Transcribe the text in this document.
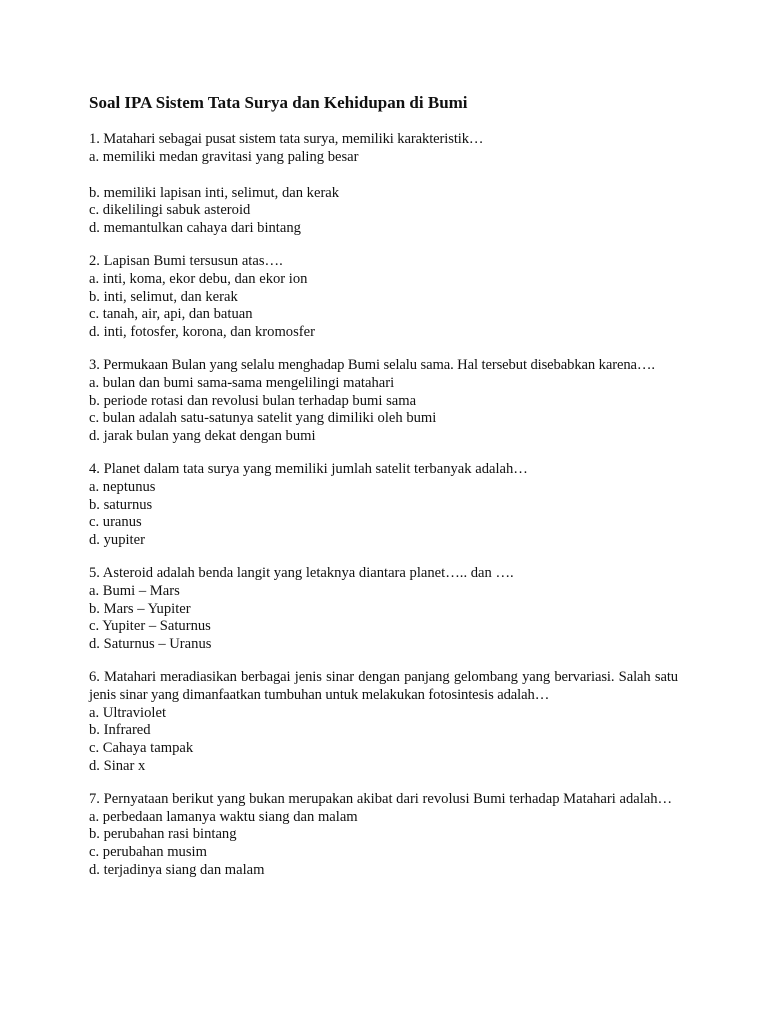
Soal IPA Sistem Tata Surya dan Kehidupan di Bumi

1. Matahari sebagai pusat sistem tata surya, memiliki karakteristik…

a. memiliki medan gravitasi yang paling besar

b. memiliki lapisan inti, selimut, dan kerak

c. dikelilingi sabuk asteroid

d. memantulkan cahaya dari bintang

2. Lapisan Bumi tersusun atas….

a. inti, koma, ekor debu, dan ekor ion

b. inti, selimut, dan kerak

c. tanah, air, api, dan batuan

d. inti, fotosfer, korona, dan kromosfer

3. Permukaan Bulan yang selalu menghadap Bumi selalu sama. Hal tersebut disebabkan karena….

a. bulan dan bumi sama-sama mengelilingi matahari

b. periode rotasi dan revolusi bulan terhadap bumi sama

c. bulan adalah satu-satunya satelit yang dimiliki oleh bumi

d. jarak bulan yang dekat dengan bumi

4. Planet dalam tata surya yang memiliki jumlah satelit terbanyak adalah…

a. neptunus

b. saturnus

c. uranus

d. yupiter

5. Asteroid adalah benda langit yang letaknya diantara planet….. dan ….

a. Bumi – Mars

b. Mars – Yupiter

c. Yupiter – Saturnus

d. Saturnus – Uranus

6. Matahari meradiasikan berbagai jenis sinar dengan panjang gelombang yang bervariasi. Salah satu jenis sinar yang dimanfaatkan tumbuhan untuk melakukan fotosintesis adalah…

a. Ultraviolet

b. Infrared

c. Cahaya tampak

d. Sinar x

7. Pernyataan berikut yang bukan merupakan akibat dari revolusi Bumi terhadap Matahari adalah…

a. perbedaan lamanya waktu siang dan malam

b. perubahan rasi bintang

c. perubahan musim

d. terjadinya siang dan malam
